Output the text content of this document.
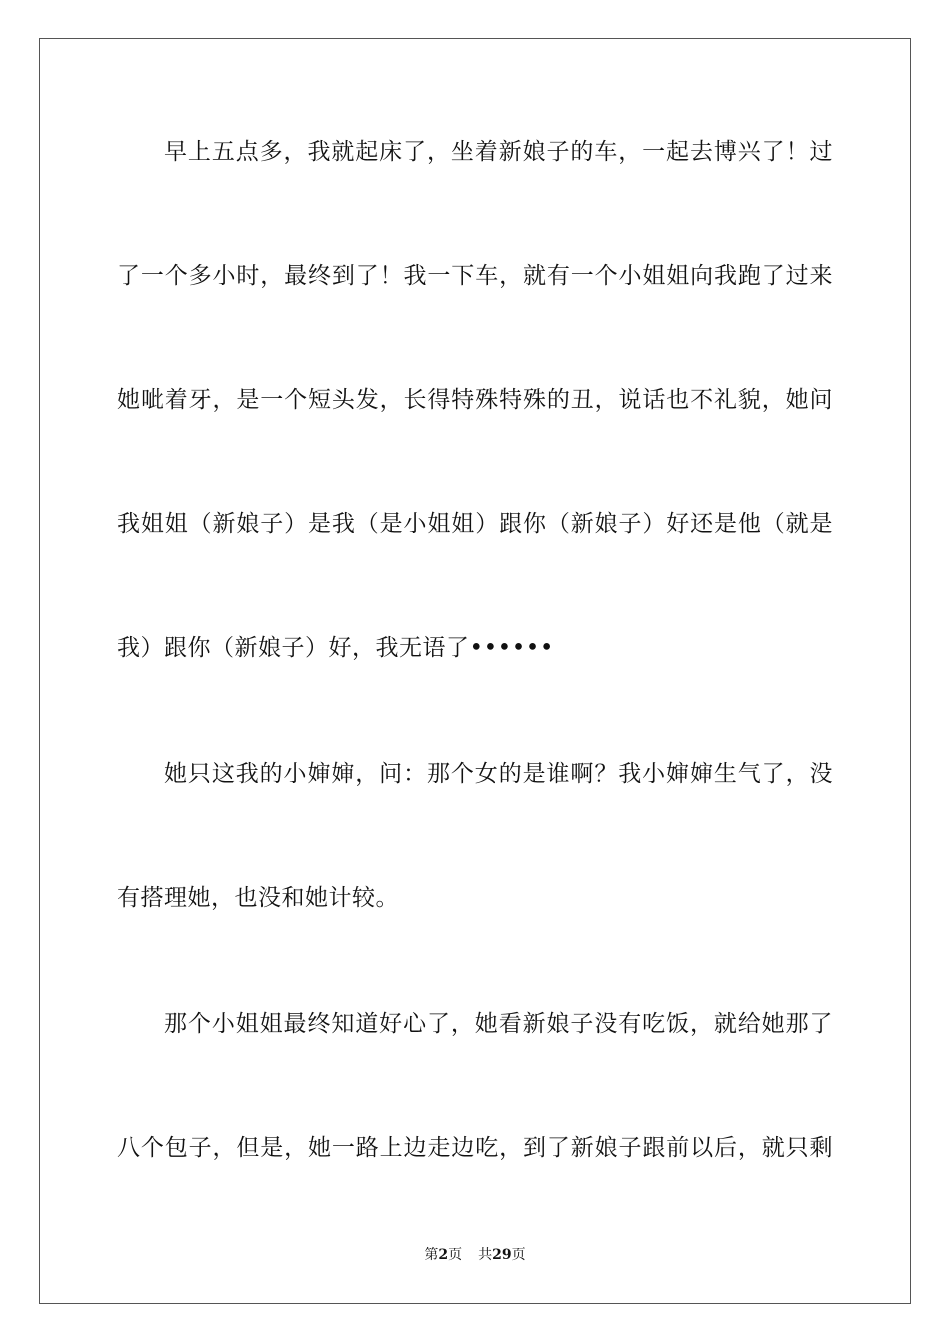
早上五点多，我就起床了，坐着新娘子的车，一起去博兴了！过
了一个多小时，最终到了！我一下车，就有一个小姐姐向我跑了过来
她呲着牙，是一个短头发，长得特殊特殊的丑，说话也不礼貌，她问
我姐姐（新娘子）是我（是小姐姐）跟你（新娘子）好还是他（就是
我）跟你（新娘子）好，我无语了••••••
她只这我的小婶婶，问：那个女的是谁啊？我小婶婶生气了，没
有搭理她，也没和她计较。
那个小姐姐最终知道好心了，她看新娘子没有吃饭，就给她那了
八个包子，但是，她一路上边走边吃，到了新娘子跟前以后，就只剩
第2页 共29页
